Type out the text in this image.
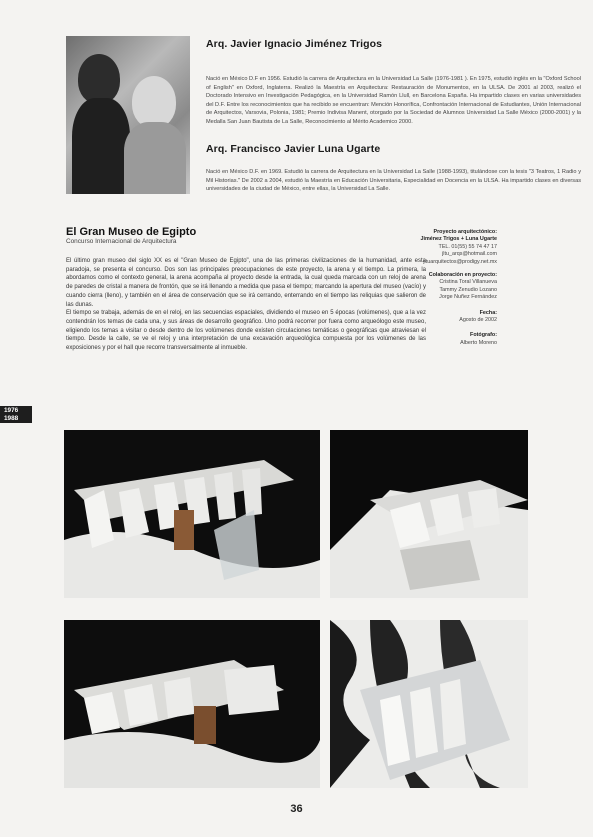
Arq. Javier Ignacio Jiménez Trigos
Nació en México D.F en 1956. Estudió la carrera de Arquitectura en la Universidad La Salle (1976-1981 ). En 1975, estudió inglés en la "Oxford School of English" en Oxford, Inglaterra. Realizó la Maestría en Arquitectura: Restauración de Monumentos, en la ULSA. De 2001 al 2003, realizó el Doctorado Intensivo en Investigación Pedagógica, en la Universidad Ramón Llull, en Barcelona España. Ha impartido clases en varias universidades del D.F. Entre los reconocimientos que ha recibido se encuentran: Mención Honorífica, Confrontación Internacional de Estudiantes, Unión Internacional de Arquitectos, Varsovia, Polonia, 1981; Premio Indivisa Manent, otorgado por la Sociedad de Alumnos Universidad La Salle México (2000-2001) y la Medalla San Juan Bautista de La Salle, Reconocimiento al Mérito Academico 2000.
Arq. Francisco Javier Luna Ugarte
Nació en México D.F. en 1969. Estudió la carrera de Arquitectura en la Universidad La Salle (1988-1993), titulándose con la tesis "3 Teatros, 1 Radio y Mil Historias." De 2002 a 2004, estudió la Maestría en Educación Universitaria, Especialidad en Docencia en la ULSA. Ha impartido clases en diversas universidades de la ciudad de México, entre ellas, la Universidad La Salle.
El Gran Museo de Egipto
Concurso Internacional de Arquitectura

El último gran museo del siglo XX es el "Gran Museo de Egipto", una de las primeras civilizaciones de la humanidad, ante esta paradoja, se presenta el concurso. Dos son las principales preocupaciones de este proyecto, la arena y el tiempo. La primera, la abordamos como el contexto general, la arena acompaña al proyecto desde la entrada, la cual queda marcada con un reloj de arena de paredes de cristal a manera de frontón, que se irá llenando a medida que pasa el tiempo; marcando la apertura del museo (vacío) y cuando cierra (lleno), y también en el área de conservación que se irá cerrando, enterrando en el tiempo las reliquias que salieron de las dunas.

El tiempo se trabaja, además de en el reloj, en las secuencias espaciales, dividiendo el museo en 5 épocas (volúmenes), que a la vez contendrán los temas de cada una, y sus áreas de desarrollo geográfico. Uno podrá recorrer por fuera como arqueólogo este museo, eligiendo los temas a visitar o desde dentro de los volúmenes donde existen circulaciones temáticas o geográficas que atraviesan el tiempo. Desde la calle, se ve el reloj y una interpretación de una excavación arqueológica compuesta por los volúmenes de las exposiciones y por el hall que recorre transversalmente al inmueble.

Proyecto arquitectónico:
Jiménez Trigos + Luna Ugarte
TEL. 01(55) 55 74 47 17
jltu_arqs@hotmail.com
jltuarquitectos@prodigy.net.mx
Colaboración en proyecto:
Cristina Toral Villanueva
Tammy Zenudio Lozano
Jorge Nuñez Fernández
Fecha:
Agosto de 2002
Fotógrafo:
Alberto Moreno
1976
1988
36
